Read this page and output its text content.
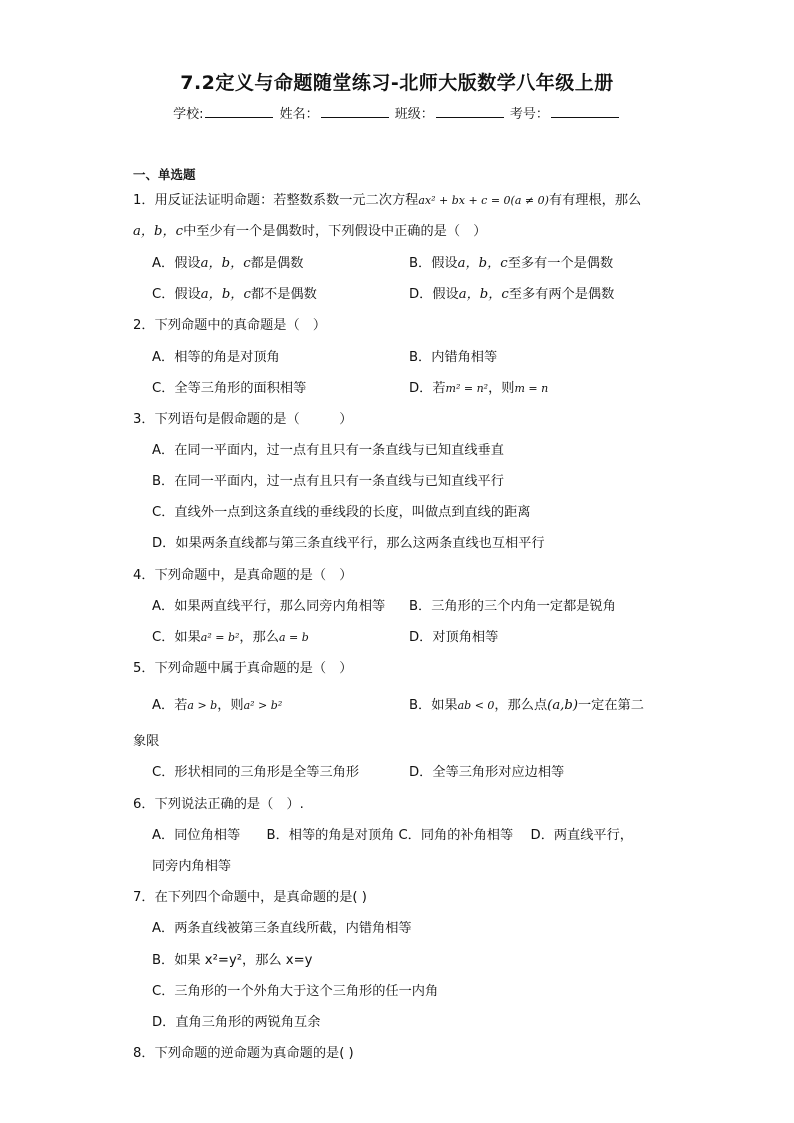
7.2定义与命题随堂练习-北师大版数学八年级上册
学校:	姓名：	班级：	考号：
一、单选题
1．用反证法证明命题：若整数系数一元二次方程ax² + bx + c = 0(a ≠ 0)有有理根，那么
a，b，c中至少有一个是偶数时，下列假设中正确的是（　）
A．假设a，b，c都是偶数	B．假设a，b，c至多有一个是偶数
C．假设a，b，c都不是偶数	D．假设a，b，c至多有两个是偶数
2．下列命题中的真命题是（　）
A．相等的角是对顶角	B．内错角相等
C．全等三角形的面积相等	D．若m² = n²，则m = n
3．下列语句是假命题的是（　　　）
A．在同一平面内，过一点有且只有一条直线与已知直线垂直
B．在同一平面内，过一点有且只有一条直线与已知直线平行
C．直线外一点到这条直线的垂线段的长度，叫做点到直线的距离
D．如果两条直线都与第三条直线平行，那么这两条直线也互相平行
4．下列命题中，是真命题的是（　）
A．如果两直线平行，那么同旁内角相等 B．三角形的三个内角一定都是锐角
C．如果a² = b²，那么a = b	D．对顶角相等
5．下列命题中属于真命题的是（　）
A．若a > b，则a² > b²	B．如果ab < 0，那么点(a,b)一定在第二
象限
C．形状相同的三角形是全等三角形	D．全等三角形对应边相等
6．下列说法正确的是（　）.
A．同位角相等　　B．相等的角是对顶角 C．同角的补角相等　 D．两直线平行，
同旁内角相等
7．在下列四个命题中，是真命题的是( )
A．两条直线被第三条直线所截，内错角相等
B．如果 x²=y²，那么 x=y
C．三角形的一个外角大于这个三角形的任一内角
D．直角三角形的两锐角互余
8．下列命题的逆命题为真命题的是( )
